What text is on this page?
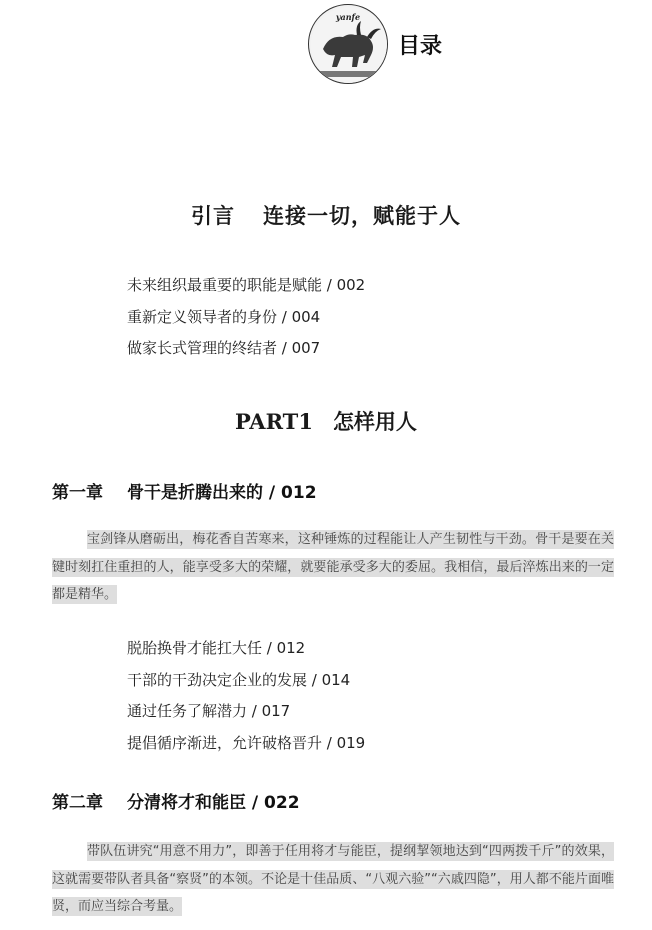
yanfe
目录
引言 连接一切，赋能于人
未来组织最重要的职能是赋能 / 002
重新定义领导者的身份 / 004
做家长式管理的终结者 / 007
PART1 怎样用人
第一章 骨干是折腾出来的 / 012
宝剑锋从磨砺出，梅花香自苦寒来，这种锤炼的过程能让人产生韧性与干劲。骨干是要在关键时刻扛住重担的人，能享受多大的荣耀，就要能承受多大的委屈。我相信，最后淬炼出来的一定都是精华。
脱胎换骨才能扛大任 / 012
干部的干劲决定企业的发展 / 014
通过任务了解潜力 / 017
提倡循序渐进，允许破格晋升 / 019
第二章 分清将才和能臣 / 022
带队伍讲究“用意不用力”，即善于任用将才与能臣，提纲挈领地达到“四两拨千斤”的效果，这就需要带队者具备“察贤”的本领。不论是十佳品质、“八观六验”“六戚四隐”，用人都不能片面唯贤，而应当综合考量。
